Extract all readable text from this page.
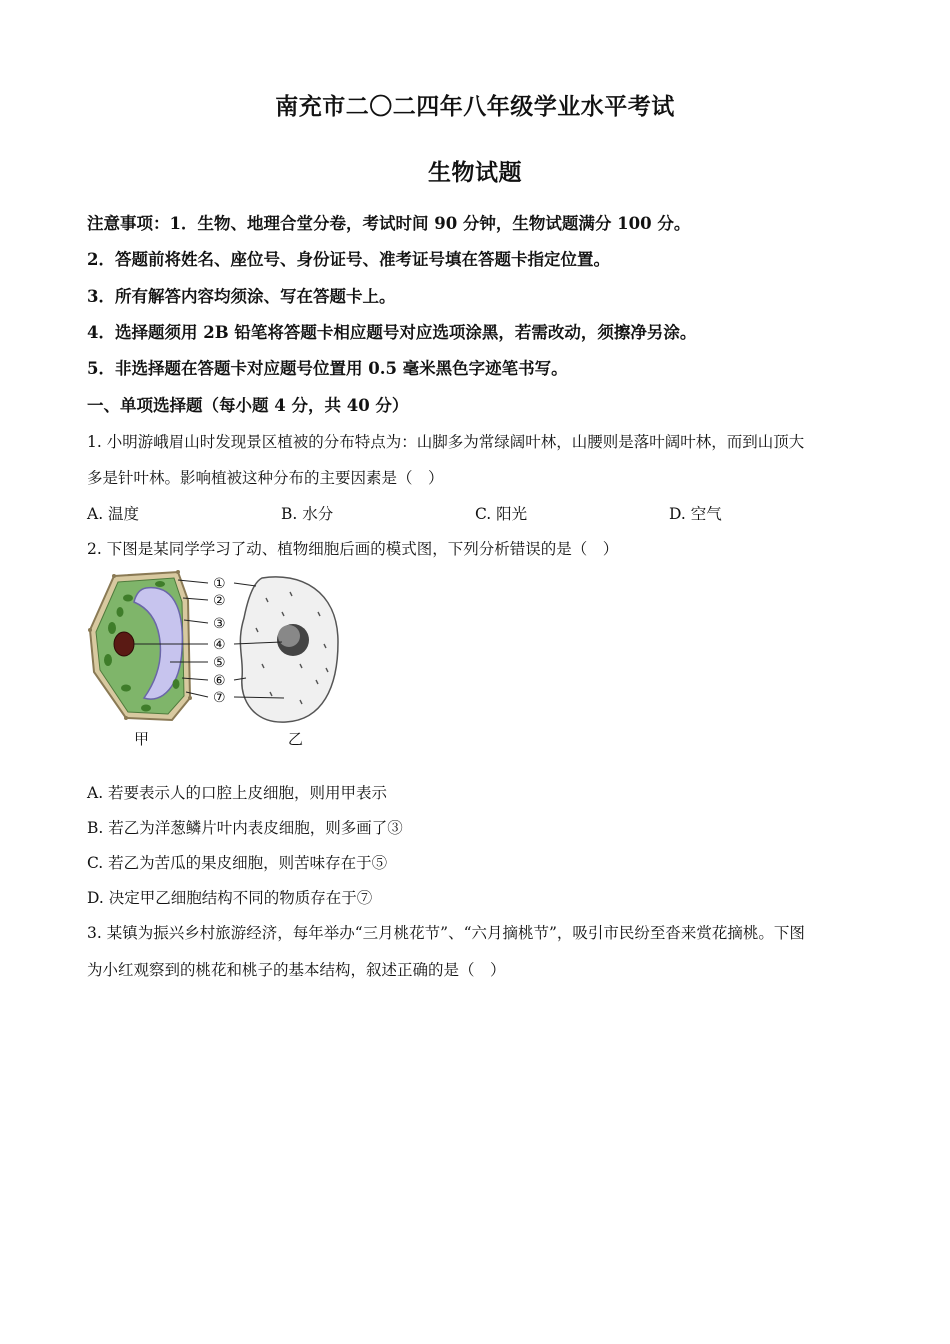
南充市二〇二四年八年级学业水平考试
生物试题
注意事项：1．生物、地理合堂分卷，考试时间 90 分钟，生物试题满分 100 分。
2．答题前将姓名、座位号、身份证号、准考证号填在答题卡指定位置。
3．所有解答内容均须涂、写在答题卡上。
4．选择题须用 2B 铅笔将答题卡相应题号对应选项涂黑，若需改动，须擦净另涂。
5．非选择题在答题卡对应题号位置用 0.5 毫米黑色字迹笔书写。
一、单项选择题（每小题 4 分，共 40 分）
1. 小明游峨眉山时发现景区植被的分布特点为：山脚多为常绿阔叶林，山腰则是落叶阔叶林，而到山顶大
多是针叶林。影响植被这种分布的主要因素是（　）
A. 温度	B. 水分	C. 阳光	D. 空气
2. 下图是某同学学习了动、植物细胞后画的模式图，下列分析错误的是（　）
①
②
③
④
⑤
⑥
⑦
甲	乙
A. 若要表示人的口腔上皮细胞，则用甲表示
B. 若乙为洋葱鳞片叶内表皮细胞，则多画了③
C. 若乙为苦瓜的果皮细胞，则苦味存在于⑤
D. 决定甲乙细胞结构不同的物质存在于⑦
3. 某镇为振兴乡村旅游经济，每年举办“三月桃花节”、“六月摘桃节”，吸引市民纷至沓来赏花摘桃。下图
为小红观察到的桃花和桃子的基本结构，叙述正确的是（　）
